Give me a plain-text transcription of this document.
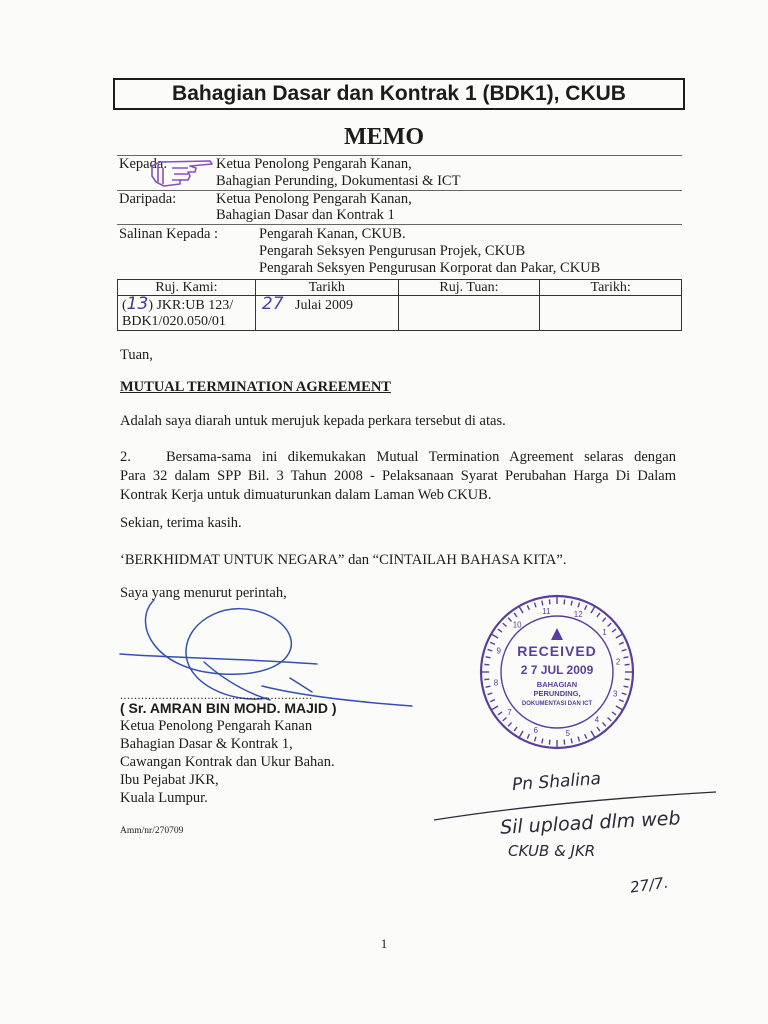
Bahagian Dasar dan Kontrak 1 (BDK1), CKUB
MEMO
Kepada:	Ketua Penolong Pengarah Kanan,
Bahagian Perunding, Dokumentasi & ICT
Daripada:	Ketua Penolong Pengarah Kanan,
Bahagian Dasar dan Kontrak 1
Salinan Kepada :	Pengarah Kanan, CKUB.
Pengarah Seksyen Pengurusan Projek, CKUB
Pengarah Seksyen Pengurusan Korporat dan Pakar, CKUB
Ruj. Kami:	Tarikh	Ruj. Tuan:	Tarikh:
(13) JKR:UB 123/
BDK1/020.050/01	27 Julai 2009		
Tuan,
MUTUAL TERMINATION AGREEMENT
Adalah saya diarah untuk merujuk kepada perkara tersebut di atas.
2. Bersama-sama ini dikemukakan Mutual Termination Agreement selaras dengan
Para 32 dalam SPP Bil. 3 Tahun 2008 - Pelaksanaan Syarat Perubahan Harga Di Dalam
Kontrak Kerja untuk dimuaturunkan dalam Laman Web CKUB.
Sekian, terima kasih.
‘BERKHIDMAT UNTUK NEGARA” dan “CINTAILAH BAHASA KITA”.
Saya yang menurut perintah,
.......................................................
( Sr. AMRAN BIN MOHD. MAJID )
Ketua Penolong Pengarah Kanan
Bahagian Dasar & Kontrak 1,
Cawangan Kontrak dan Ukur Bahan.
Ibu Pejabat JKR,
Kuala Lumpur.
Amm/nr/270709
1
2
3
4
5
6
7
8
9
10
11	12
RECEIVED
2 7 JUL 2009
BAHAGIAN
PERUNDING,
DOKUMENTASI DAN ICT
Pn Shalina
Sil upload dlm web
CKUB & JKR
27/7.
1
